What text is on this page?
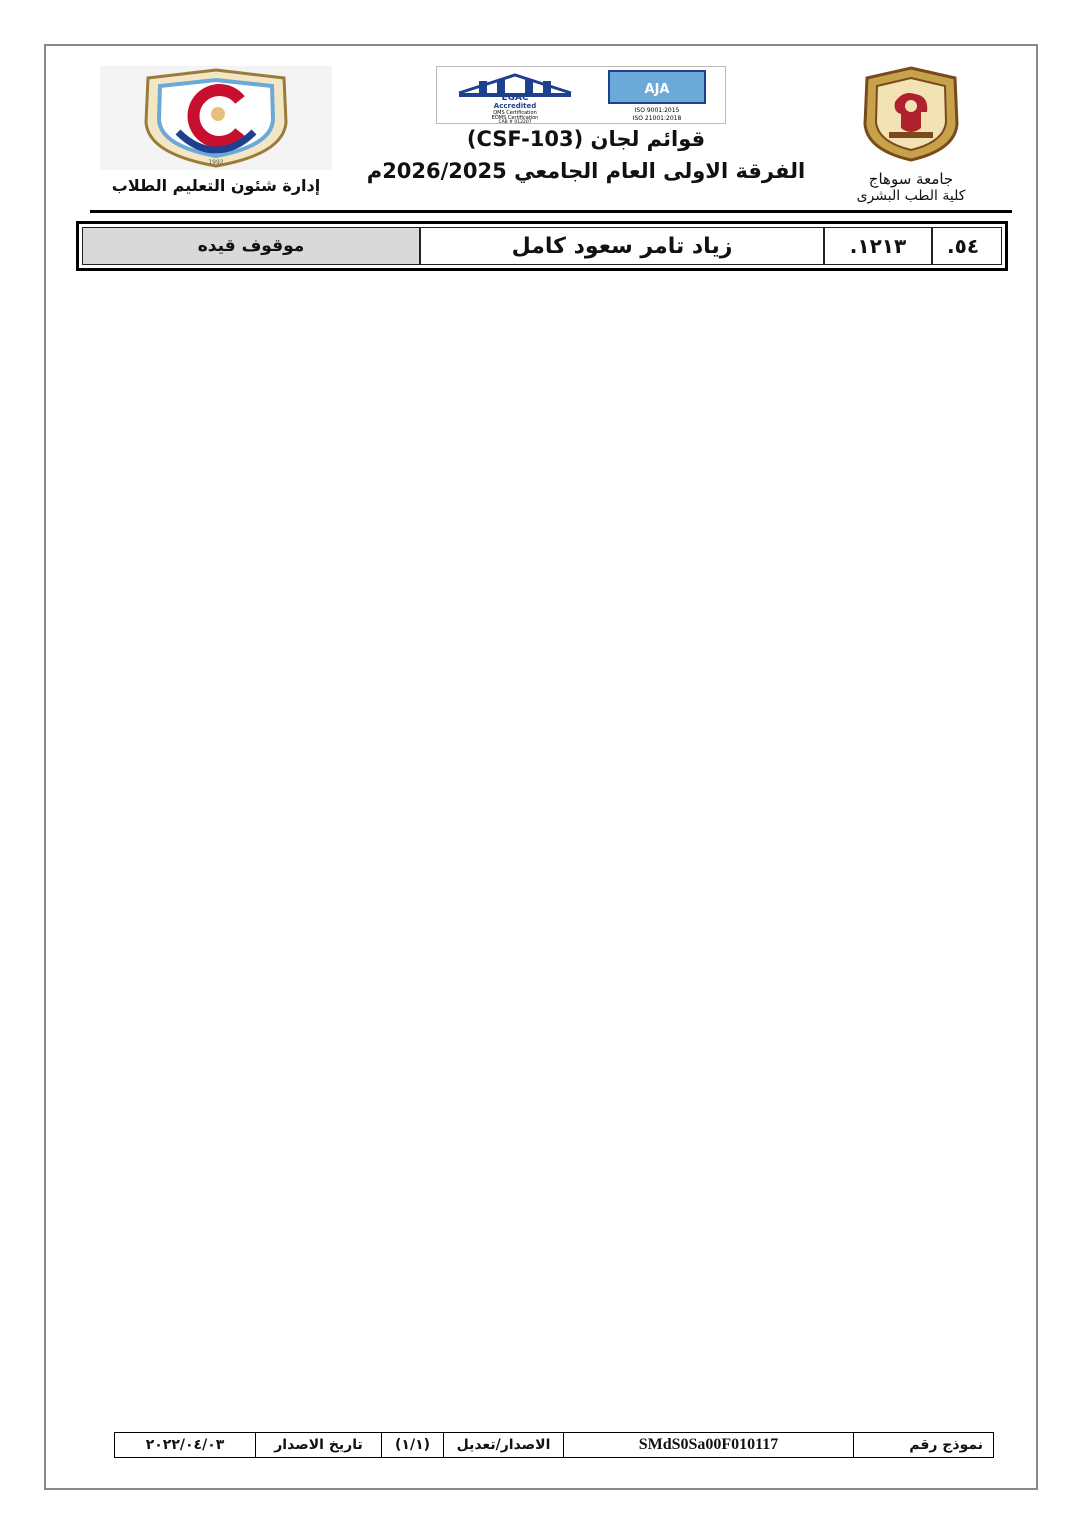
جامعة سوهاج
كلية الطب البشرى
EGAC
Accredited
QMS Certification
EOMS Certification
CAB # 012207
AJA
ISO 9001:2015
ISO 21001:2018
قوائم لجان (CSF-103)
الفرقة الاولى العام الجامعي 2026/2025م
1992
إدارة شئون التعليم الطلاب
٥٤.
١٢١٣.
زياد تامر سعود كامل
موقوف قيده
نموذج رقم
SMdS0Sa00F010117
الاصدار/تعديل
(١/١)
تاريخ الاصدار
٢٠٢٢/٠٤/٠٣
